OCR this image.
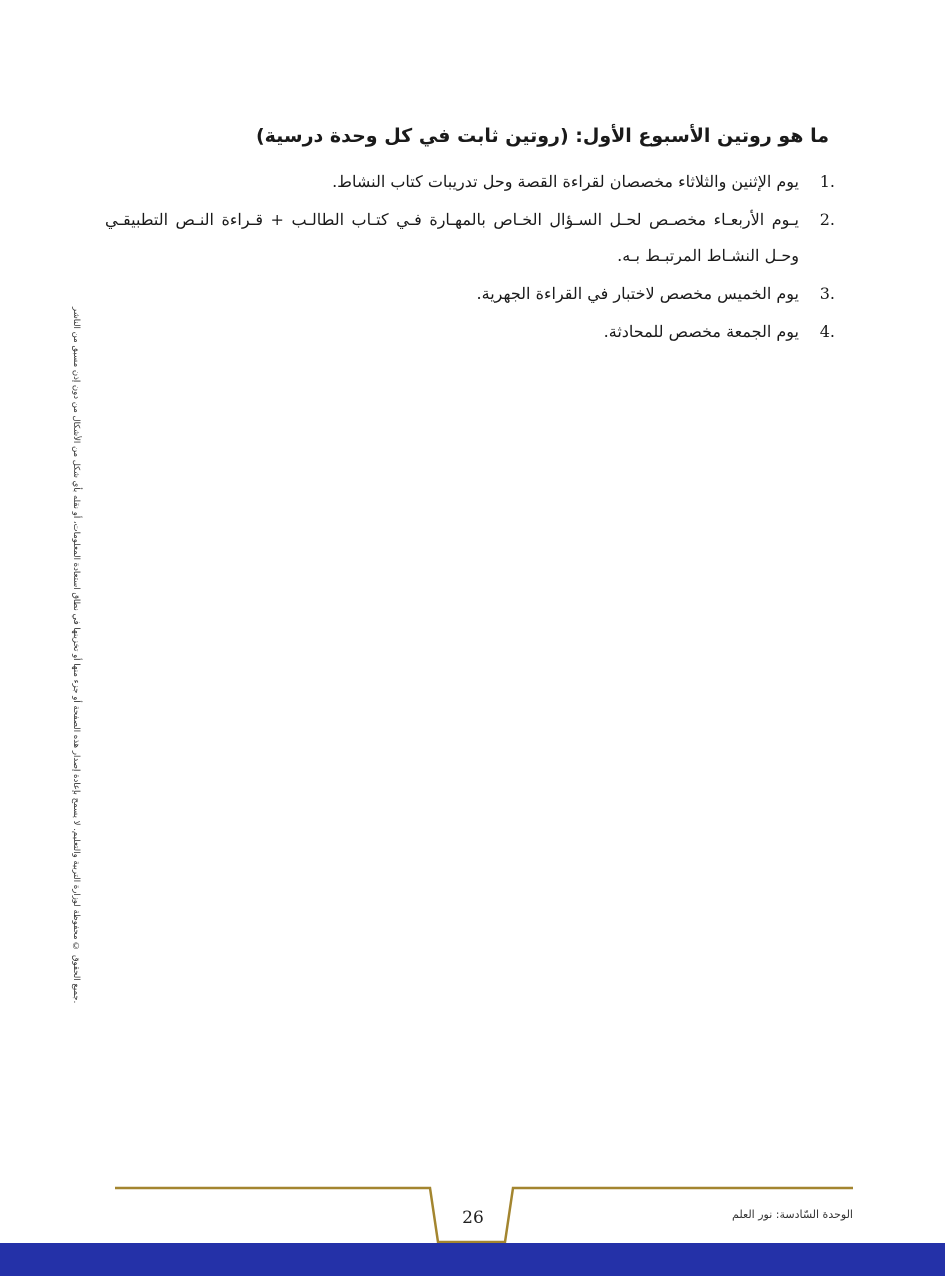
ما هو روتين الأسبوع الأول: (روتين ثابت في كل وحدة درسية)
1.
يوم الإثنين والثلاثاء مخصصان لقراءة القصة وحل تدريبات كتاب النشاط.
2.
يـوم الأربعـاء مخصـص لحـل السـؤال الخـاص بالمهـارة فـي كتـاب الطالـب + قـراءة النـص التطبيقـي وحـل النشـاط المرتبـط بـه.
3.
يوم الخميس مخصص لاختبار في القراءة الجهرية.
4.
يوم الجمعة مخصص للمحادثة.
جميع الحقوق © محفوظة لوزارة التربية والتعليم. لا يسمح بإعادة إصدار هذه الصفحة أو جزء منها أو تخزينها في نطاق استعادة المعلومات، أو نقله بأي شكل من الأشكال من دون إذن مسبق من الناشر.
26	الوحدة السّادسة: نور العلم
